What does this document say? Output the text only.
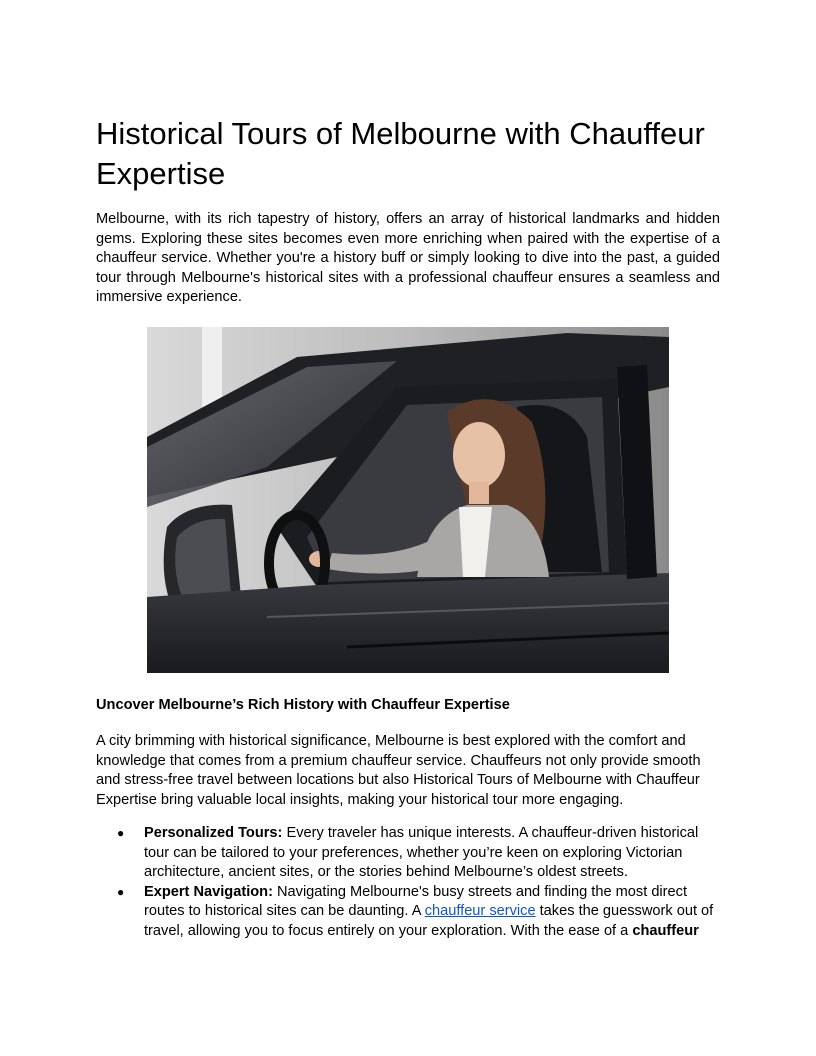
Historical Tours of Melbourne with Chauffeur Expertise

Melbourne, with its rich tapestry of history, offers an array of historical landmarks and hidden gems. Exploring these sites becomes even more enriching when paired with the expertise of a chauffeur service. Whether you're a history buff or simply looking to dive into the past, a guided tour through Melbourne's historical sites with a professional chauffeur ensures a seamless and immersive experience.

Uncover Melbourne’s Rich History with Chauffeur Expertise

A city brimming with historical significance, Melbourne is best explored with the comfort and knowledge that comes from a premium chauffeur service. Chauffeurs not only provide smooth and stress-free travel between locations but also Historical Tours of Melbourne with Chauffeur Expertise bring valuable local insights, making your historical tour more engaging.

● Personalized Tours: Every traveler has unique interests. A chauffeur-driven historical tour can be tailored to your preferences, whether you’re keen on exploring Victorian architecture, ancient sites, or the stories behind Melbourne’s oldest streets.
● Expert Navigation: Navigating Melbourne's busy streets and finding the most direct routes to historical sites can be daunting. A chauffeur service takes the guesswork out of travel, allowing you to focus entirely on your exploration. With the ease of a chauffeur
